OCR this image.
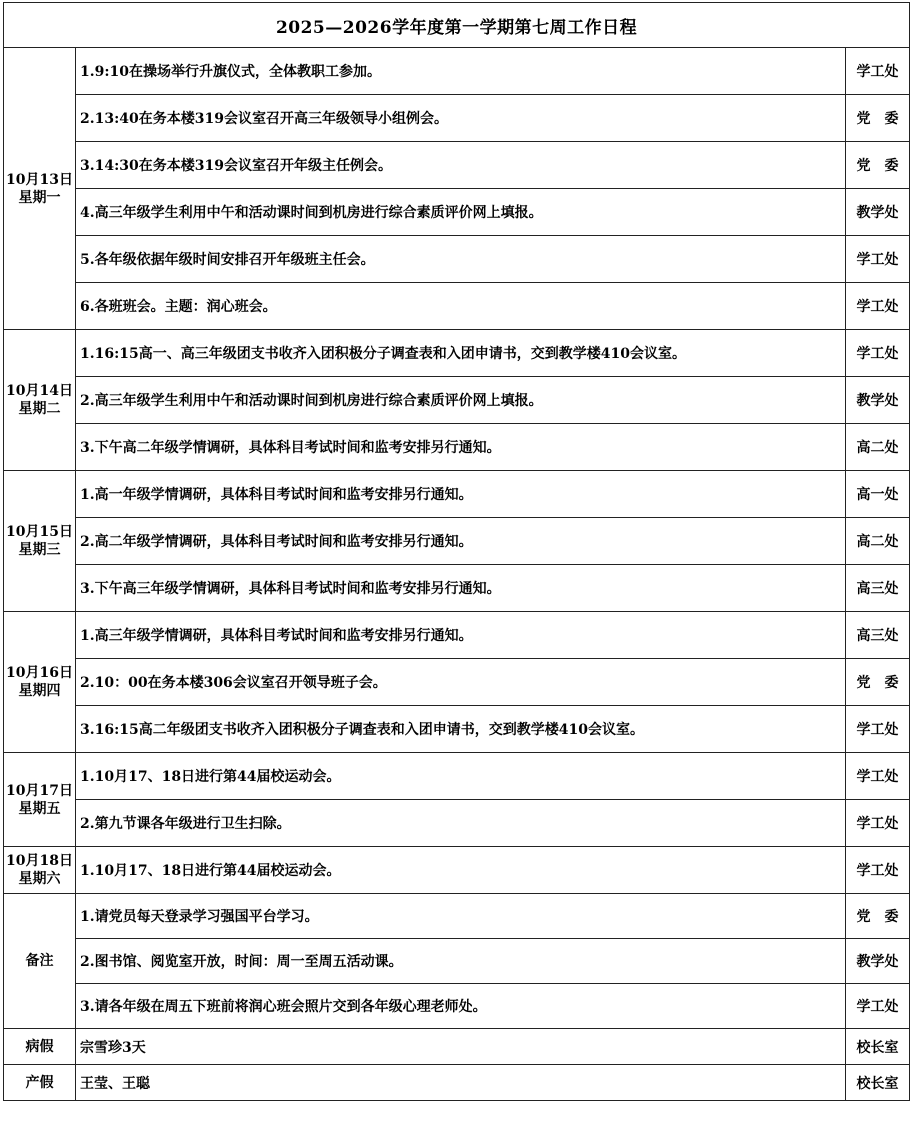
2025—2026学年度第一学期第七周工作日程		

10月13日
星期一	1.9:10在操场举行升旗仪式，全体教职工参加。	学工处
	2.13:40在务本楼319会议室召开高三年级领导小组例会。	党　委
	3.14:30在务本楼319会议室召开年级主任例会。	党　委
	4.高三年级学生利用中午和活动课时间到机房进行综合素质评价网上填报。	教学处
	5.各年级依据年级时间安排召开年级班主任会。	学工处
	6.各班班会。主题：润心班会。	学工处

10月14日
星期二	1.16:15高一、高三年级团支书收齐入团积极分子调查表和入团申请书，交到教学楼410会议室。	学工处
	2.高三年级学生利用中午和活动课时间到机房进行综合素质评价网上填报。	教学处
	3.下午高二年级学情调研，具体科目考试时间和监考安排另行通知。	高二处

10月15日
星期三	1.高一年级学情调研，具体科目考试时间和监考安排另行通知。	高一处
	2.高二年级学情调研，具体科目考试时间和监考安排另行通知。	高二处
	3.下午高三年级学情调研，具体科目考试时间和监考安排另行通知。	高三处

10月16日
星期四	1.高三年级学情调研，具体科目考试时间和监考安排另行通知。	高三处
	2.10：00在务本楼306会议室召开领导班子会。	党　委
	3.16:15高二年级团支书收齐入团积极分子调查表和入团申请书，交到教学楼410会议室。	学工处

10月17日
星期五	1.10月17、18日进行第44届校运动会。	学工处
	2.第九节课各年级进行卫生扫除。	学工处

10月18日
星期六	1.10月17、18日进行第44届校运动会。	学工处
备注	1.请党员每天登录学习强国平台学习。	党　委
	2.图书馆、阅览室开放，时间：周一至周五活动课。	教学处
	3.请各年级在周五下班前将润心班会照片交到各年级心理老师处。	学工处
病假	宗雪珍3天	校长室
产假	王莹、王聪	校长室
